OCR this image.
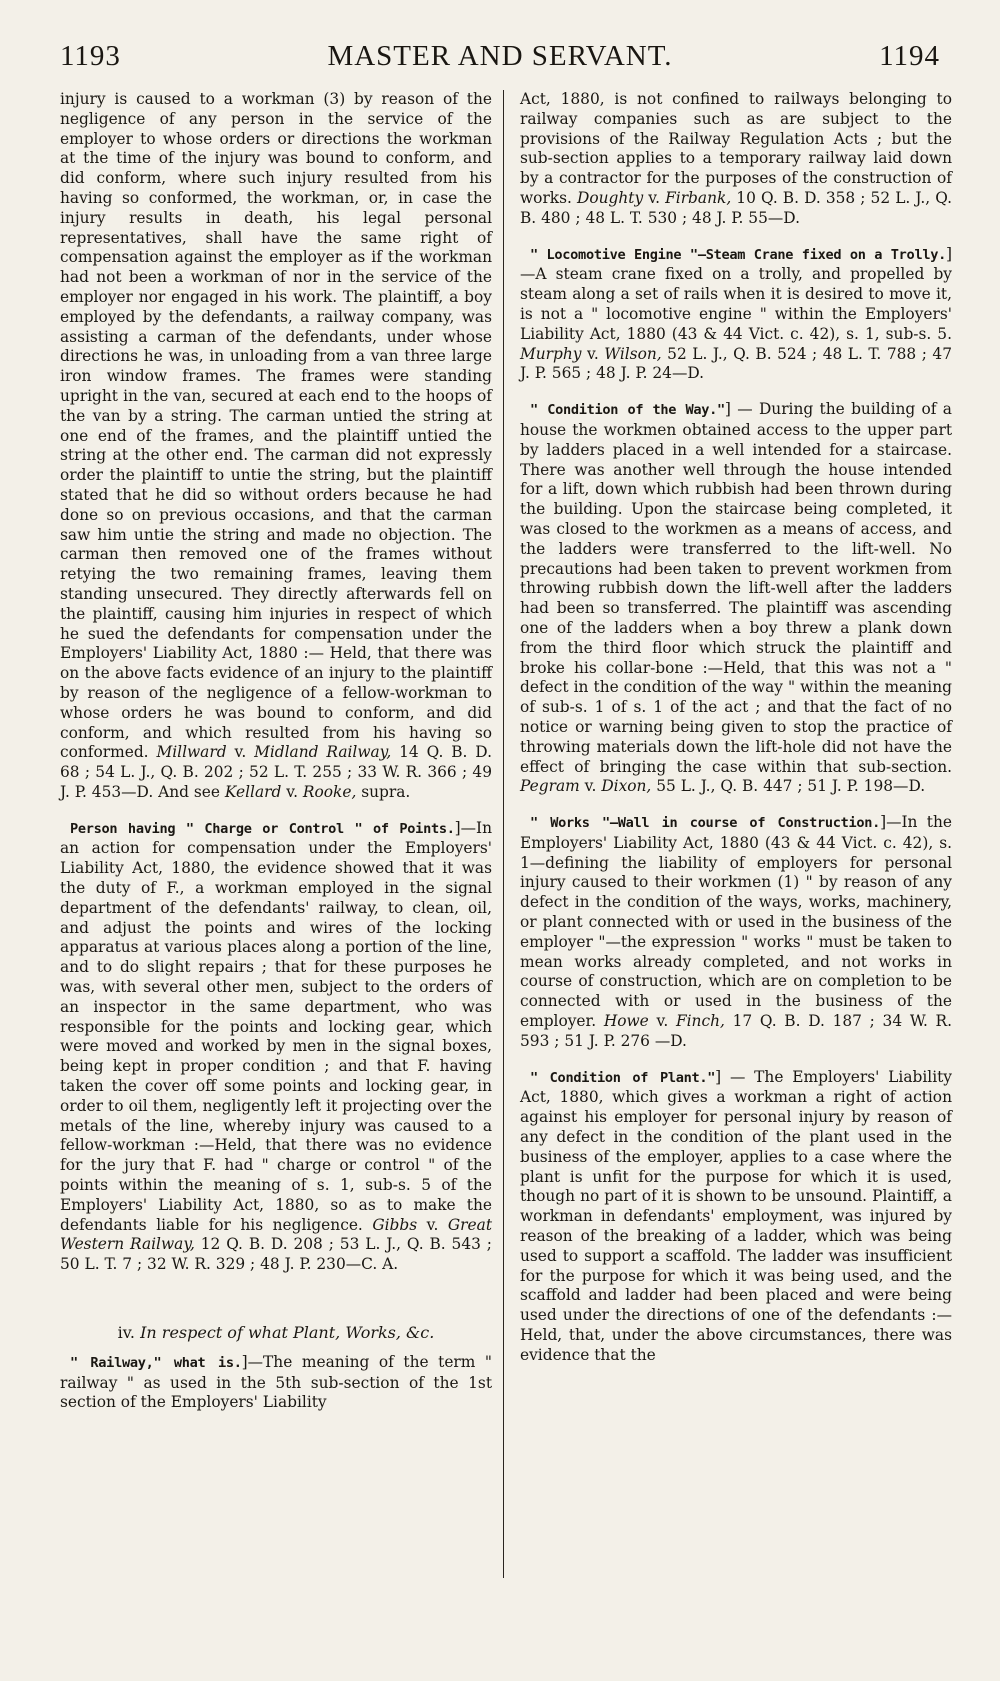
1193	MASTER AND SERVANT.	1194

injury is caused to a workman (3) by reason of the negligence of any person in the service of the employer to whose orders or directions the workman at the time of the injury was bound to conform, and did conform, where such injury resulted from his having so conformed, the workman, or, in case the injury results in death, his legal personal representatives, shall have the same right of compensation against the employer as if the workman had not been a workman of nor in the service of the employer nor engaged in his work. The plaintiff, a boy employed by the defendants, a railway company, was assisting a carman of the defendants, under whose directions he was, in unloading from a van three large iron window frames. The frames were standing upright in the van, secured at each end to the hoops of the van by a string. The carman untied the string at one end of the frames, and the plaintiff untied the string at the other end. The carman did not expressly order the plaintiff to untie the string, but the plaintiff stated that he did so without orders because he had done so on previous occasions, and that the carman saw him untie the string and made no objection. The carman then removed one of the frames without retying the two remaining frames, leaving them standing unsecured. They directly afterwards fell on the plaintiff, causing him injuries in respect of which he sued the defendants for compensation under the Employers' Liability Act, 1880 :— Held, that there was on the above facts evidence of an injury to the plaintiff by reason of the negligence of a fellow-workman to whose orders he was bound to conform, and did conform, and which resulted from his having so conformed. Millward v. Midland Railway, 14 Q. B. D. 68 ; 54 L. J., Q. B. 202 ; 52 L. T. 255 ; 33 W. R. 366 ; 49 J. P. 453—D. And see Kellard v. Rooke, supra.

Person having " Charge or Control " of Points.]—In an action for compensation under the Employers' Liability Act, 1880, the evidence showed that it was the duty of F., a workman employed in the signal department of the defendants' railway, to clean, oil, and adjust the points and wires of the locking apparatus at various places along a portion of the line, and to do slight repairs ; that for these purposes he was, with several other men, subject to the orders of an inspector in the same department, who was responsible for the points and locking gear, which were moved and worked by men in the signal boxes, being kept in proper condition ; and that F. having taken the cover off some points and locking gear, in order to oil them, negligently left it projecting over the metals of the line, whereby injury was caused to a fellow-workman :—Held, that there was no evidence for the jury that F. had " charge or control " of the points within the meaning of s. 1, sub-s. 5 of the Employers' Liability Act, 1880, so as to make the defendants liable for his negligence. Gibbs v. Great Western Railway, 12 Q. B. D. 208 ; 53 L. J., Q. B. 543 ; 50 L. T. 7 ; 32 W. R. 329 ; 48 J. P. 230—C. A.

iv. In respect of what Plant, Works, &c.

" Railway," what is.]—The meaning of the term " railway " as used in the 5th sub-section of the 1st section of the Employers' Liability

Act, 1880, is not confined to railways belonging to railway companies such as are subject to the provisions of the Railway Regulation Acts ; but the sub-section applies to a temporary railway laid down by a contractor for the purposes of the construction of works. Doughty v. Firbank, 10 Q. B. D. 358 ; 52 L. J., Q. B. 480 ; 48 L. T. 530 ; 48 J. P. 55—D.

" Locomotive Engine "—Steam Crane fixed on a Trolly.]—A steam crane fixed on a trolly, and propelled by steam along a set of rails when it is desired to move it, is not a " locomotive engine " within the Employers' Liability Act, 1880 (43 & 44 Vict. c. 42), s. 1, sub-s. 5. Murphy v. Wilson, 52 L. J., Q. B. 524 ; 48 L. T. 788 ; 47 J. P. 565 ; 48 J. P. 24—D.

" Condition of the Way."] — During the building of a house the workmen obtained access to the upper part by ladders placed in a well intended for a staircase. There was another well through the house intended for a lift, down which rubbish had been thrown during the building. Upon the staircase being completed, it was closed to the workmen as a means of access, and the ladders were transferred to the lift-well. No precautions had been taken to prevent workmen from throwing rubbish down the lift-well after the ladders had been so transferred. The plaintiff was ascending one of the ladders when a boy threw a plank down from the third floor which struck the plaintiff and broke his collar-bone :—Held, that this was not a " defect in the condition of the way " within the meaning of sub-s. 1 of s. 1 of the act ; and that the fact of no notice or warning being given to stop the practice of throwing materials down the lift-hole did not have the effect of bringing the case within that sub-section. Pegram v. Dixon, 55 L. J., Q. B. 447 ; 51 J. P. 198—D.

" Works "—Wall in course of Construction.]—In the Employers' Liability Act, 1880 (43 & 44 Vict. c. 42), s. 1—defining the liability of employers for personal injury caused to their workmen (1) " by reason of any defect in the condition of the ways, works, machinery, or plant connected with or used in the business of the employer "—the expression " works " must be taken to mean works already completed, and not works in course of construction, which are on completion to be connected with or used in the business of the employer. Howe v. Finch, 17 Q. B. D. 187 ; 34 W. R. 593 ; 51 J. P. 276 —D.

" Condition of Plant."] — The Employers' Liability Act, 1880, which gives a workman a right of action against his employer for personal injury by reason of any defect in the condition of the plant used in the business of the employer, applies to a case where the plant is unfit for the purpose for which it is used, though no part of it is shown to be unsound. Plaintiff, a workman in defendants' employment, was injured by reason of the breaking of a ladder, which was being used to support a scaffold. The ladder was insufficient for the purpose for which it was being used, and the scaffold and ladder had been placed and were being used under the directions of one of the defendants :—Held, that, under the above circumstances, there was evidence that the
